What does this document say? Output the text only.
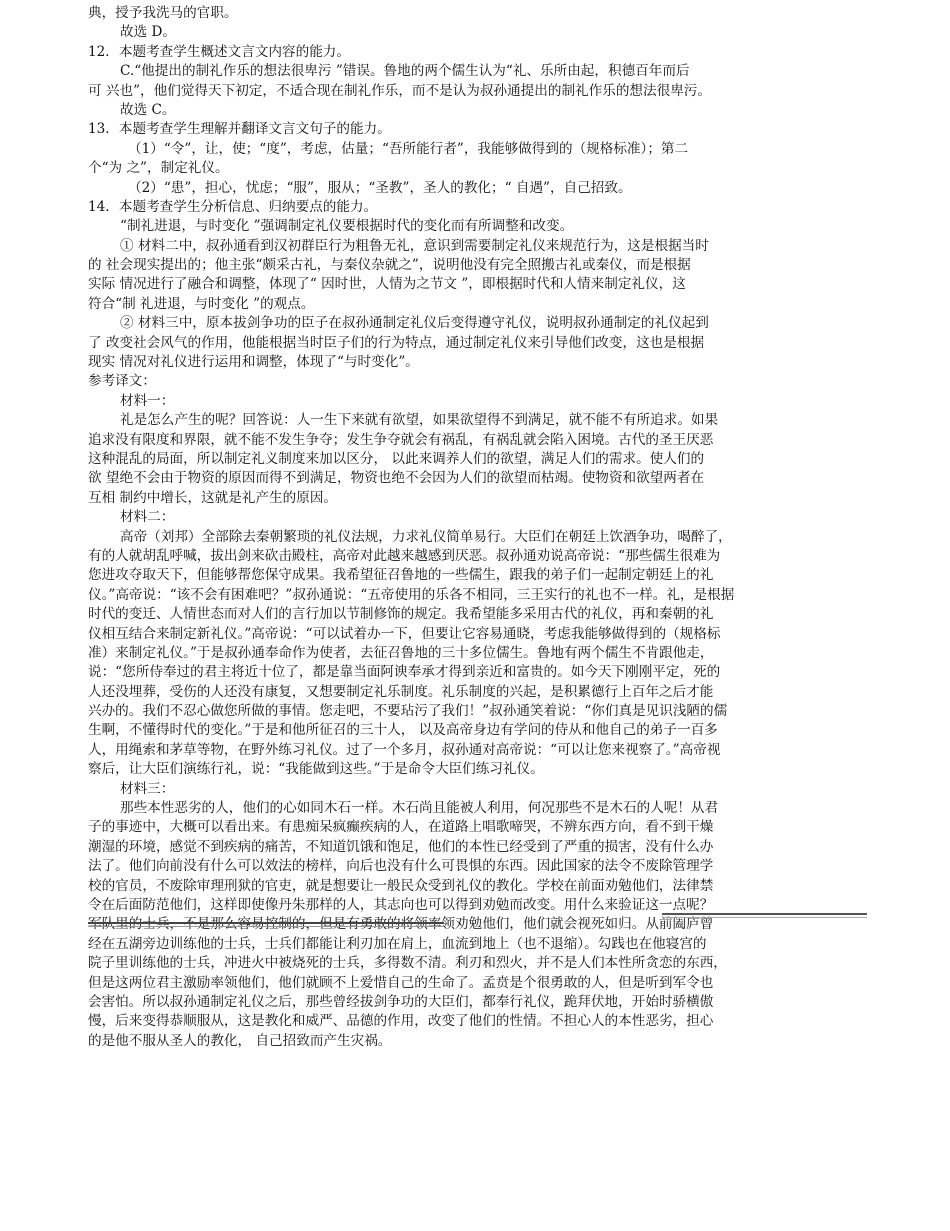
典，授予我洗马的官职。
故选 D。
12．本题考查学生概述文言文内容的能力。
C.“他提出的制礼作乐的想法很卑污 ”错误。鲁地的两个儒生认为“礼、乐所由起，积德百年而后
可 兴也”，他们觉得天下初定，不适合现在制礼作乐，而不是认为叔孙通提出的制礼作乐的想法很卑污。
故选 C。
13．本题考查学生理解并翻译文言文句子的能力。
（1）“令”，让，使；“度”，考虑，估量；“吾所能行者”，我能够做得到的（规格标准）；第二
个“为 之”，制定礼仪。
（2）“患”，担心，忧虑；“服”，服从；“圣教”，圣人的教化；“ 自遇”，自己招致。
14．本题考查学生分析信息、归纳要点的能力。
“制礼进退，与时变化 ”强调制定礼仪要根据时代的变化而有所调整和改变。
① 材料二中，叔孙通看到汉初群臣行为粗鲁无礼，意识到需要制定礼仪来规范行为，这是根据当时
的 社会现实提出的；他主张“颇采古礼，与秦仪杂就之”，说明他没有完全照搬古礼或秦仪，而是根据
实际 情况进行了融合和调整，体现了“ 因时世，人情为之节文 ”，即根据时代和人情来制定礼仪，这
符合“制 礼进退，与时变化 ”的观点。
② 材料三中，原本拔剑争功的臣子在叔孙通制定礼仪后变得遵守礼仪，说明叔孙通制定的礼仪起到
了 改变社会风气的作用，他能根据当时臣子们的行为特点，通过制定礼仪来引导他们改变，这也是根据
现实 情况对礼仪进行运用和调整，体现了“与时变化”。
参考译文：
材料一：
礼是怎么产生的呢？回答说：人一生下来就有欲望，如果欲望得不到满足，就不能不有所追求。如果
追求没有限度和界限，就不能不发生争夺；发生争夺就会有祸乱，有祸乱就会陷入困境。古代的圣王厌恶
这种混乱的局面，所以制定礼义制度来加以区分， 以此来调养人们的欲望，满足人们的需求。使人们的
欲 望绝不会由于物资的原因而得不到满足，物资也绝不会因为人们的欲望而枯竭。使物资和欲望两者在
互相 制约中增长，这就是礼产生的原因。
材料二：
高帝（刘邦）全部除去秦朝繁琐的礼仪法规，力求礼仪简单易行。大臣们在朝廷上饮酒争功，喝醉了，
有的人就胡乱呼喊，拔出剑来砍击殿柱，高帝对此越来越感到厌恶。叔孙通劝说高帝说：“那些儒生很难为
您进攻夺取天下，但能够帮您保守成果。我希望征召鲁地的一些儒生，跟我的弟子们一起制定朝廷上的礼
仪。”高帝说：“该不会有困难吧？”叔孙通说：“五帝使用的乐各不相同，三王实行的礼也不一样。礼，是根据
时代的变迁、人情世态而对人们的言行加以节制修饰的规定。我希望能多采用古代的礼仪，再和秦朝的礼
仪相互结合来制定新礼仪。”高帝说：“可以试着办一下，但要让它容易通晓，考虑我能够做得到的（规格标
准）来制定礼仪。”于是叔孙通奉命作为使者，去征召鲁地的三十多位儒生。鲁地有两个儒生不肯跟他走，
说：“您所侍奉过的君主将近十位了，都是靠当面阿谀奉承才得到亲近和富贵的。如今天下刚刚平定，死的
人还没埋葬，受伤的人还没有康复，又想要制定礼乐制度。礼乐制度的兴起，是积累德行上百年之后才能
兴办的。我们不忍心做您所做的事情。您走吧，不要玷污了我们！”叔孙通笑着说：“你们真是见识浅陋的儒
生啊，不懂得时代的变化。”于是和他所征召的三十人， 以及高帝身边有学问的侍从和他自己的弟子一百多
人，用绳索和茅草等物，在野外练习礼仪。过了一个多月，叔孙通对高帝说：“可以让您来视察了。”高帝视
察后，让大臣们演练行礼，说：“我能做到这些。”于是命令大臣们练习礼仪。
材料三：
那些本性恶劣的人，他们的心如同木石一样。木石尚且能被人利用，何况那些不是木石的人呢！从君
子的事迹中，大概可以看出来。有患痴呆疯癫疾病的人，在道路上唱歌啼哭，不辨东西方向，看不到干燥
潮湿的环境，感觉不到疾病的痛苦，不知道饥饿和饱足，他们的本性已经受到了严重的损害，没有什么办
法了。他们向前没有什么可以效法的榜样，向后也没有什么可畏惧的东西。因此国家的法令不废除管理学
校的官员，不废除审理刑狱的官吏，就是想要让一般民众受到礼仪的教化。学校在前面劝勉他们，法律禁
令在后面防范他们，这样即使像丹朱那样的人，其志向也可以得到劝勉而改变。用什么来验证这一点呢？
军队里的士兵，不是那么容易控制的，但是有勇敢的将领率领劝勉他们，他们就会视死如归。从前阖庐曾
经在五湖旁边训练他的士兵，士兵们都能让利刃加在肩上，血流到地上（也不退缩）。勾践也在他寝宫的
院子里训练他的士兵，冲进火中被烧死的士兵，多得数不清。利刃和烈火，并不是人们本性所贪恋的东西，
但是这两位君主激励率领他们，他们就顾不上爱惜自己的生命了。孟贲是个很勇敢的人，但是听到军令也
会害怕。所以叔孙通制定礼仪之后，那些曾经拔剑争功的大臣们，都奉行礼仪，跪拜伏地，开始时骄横傲
慢，后来变得恭顺服从，这是教化和威严、品德的作用，改变了他们的性情。不担心人的本性恶劣，担心
的是他不服从圣人的教化， 自己招致而产生灾祸。
